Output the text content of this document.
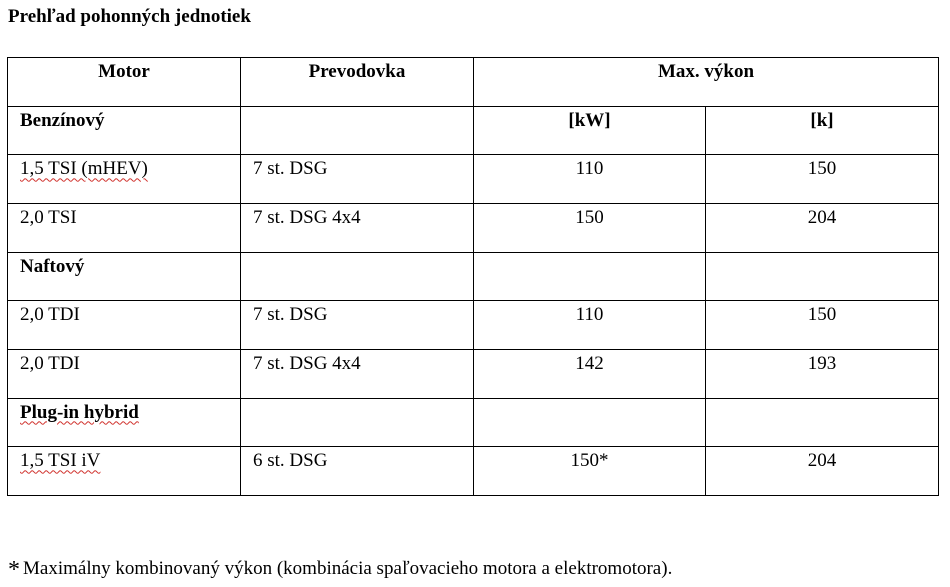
Prehľad pohonných jednotiek
Motor	Prevodovka	Max. výkon	
Benzínový		[kW]	[k]
1,5 TSI (mHEV)	7 st. DSG	110	150
2,0 TSI	7 st. DSG 4x4	150	204
Naftový			
2,0 TDI	7 st. DSG	110	150
2,0 TDI	7 st. DSG 4x4	142	193
Plug-in hybrid			
1,5 TSI iV	6 st. DSG	150*	204
* Maximálny kombinovaný výkon (kombinácia spaľovacieho motora a elektromotora).
